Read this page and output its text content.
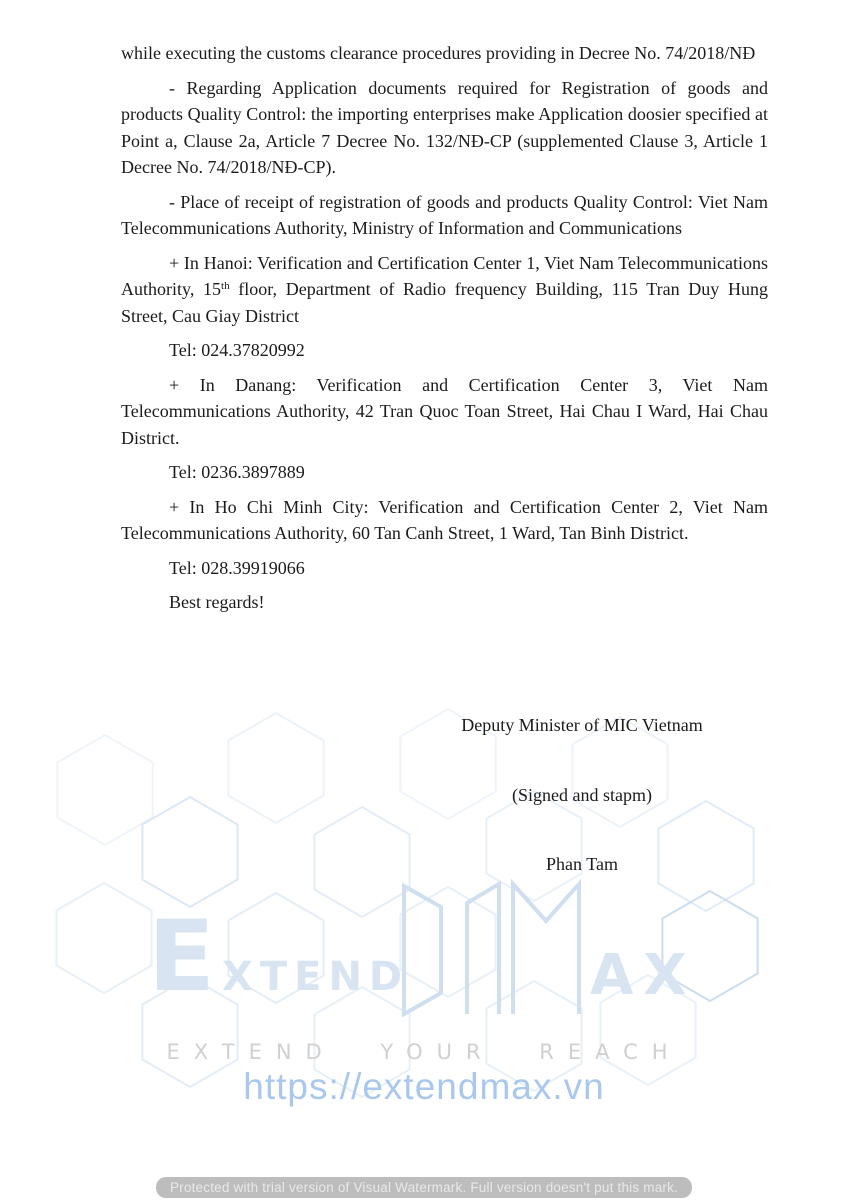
E XTEND	AX
EXTEND YOUR REACH
https://extendmax.vn

while executing the customs clearance procedures providing in Decree No. 74/2018/NĐ

- Regarding Application documents required for Registration of goods and products Quality Control: the importing enterprises make Application doosier specified at Point a, Clause 2a, Article 7 Decree No. 132/NĐ-CP (supplemented Clause 3, Article 1 Decree No. 74/2018/NĐ-CP).

- Place of receipt of registration of goods and products Quality Control: Viet Nam Telecommunications Authority, Ministry of Information and Communications

+ In Hanoi: Verification and Certification Center 1, Viet Nam Telecommunications Authority, 15th floor, Department of Radio frequency Building, 115 Tran Duy Hung Street, Cau Giay District

Tel: 024.37820992

+ In Danang: Verification and Certification Center 3, Viet Nam Telecommunications Authority, 42 Tran Quoc Toan Street, Hai Chau I Ward, Hai Chau District.

Tel: 0236.3897889

+ In Ho Chi Minh City: Verification and Certification Center 2, Viet Nam Telecommunications Authority, 60 Tan Canh Street, 1 Ward, Tan Binh District.

Tel: 028.39919066

Best regards!

Deputy Minister of MIC Vietnam
(Signed and stapm)
Phan Tam
Protected with trial version of Visual Watermark. Full version doesn't put this mark.
